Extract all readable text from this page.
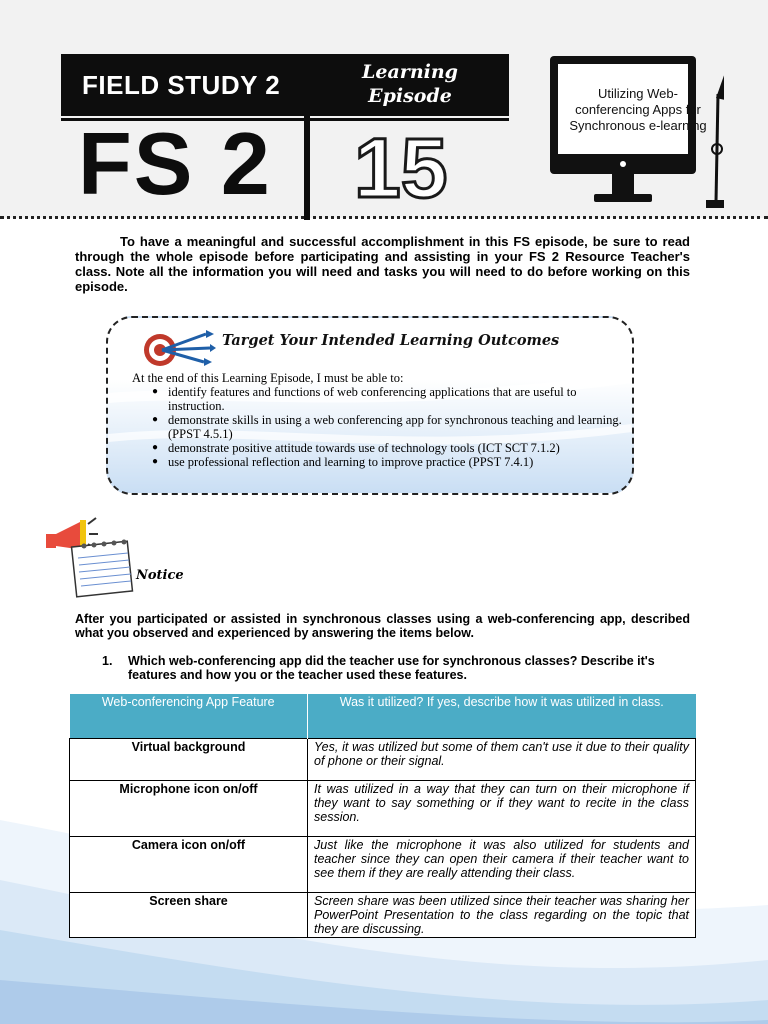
FIELD STUDY 2	Learning
Episode
FS 2 15
Utilizing Web-conferencing Apps for Synchronous e-learning

To have a meaningful and successful accomplishment in this FS episode, be sure to read through the whole episode before participating and assisting in your FS 2 Resource Teacher's class. Note all the information you will need and tasks you will need to do before working on this episode.

Target Your Intended Learning Outcomes
At the end of this Learning Episode, I must be able to:
● identify features and functions of web conferencing applications that are useful to instruction.
● demonstrate skills in using a web conferencing app for synchronous teaching and learning. (PPST 4.5.1)
● demonstrate positive attitude towards use of technology tools (ICT SCT 7.1.2)
● use professional reflection and learning to improve practice (PPST 7.4.1)
Notice

After you participated or assisted in synchronous classes using a web-conferencing app, described what you observed and experienced by answering the items below.

1. Which web-conferencing app did the teacher use for synchronous classes? Describe it's features and how you or the teacher used these features.

Web-conferencing App Feature	Was it utilized? If yes, describe how it was utilized in class.
Virtual background	Yes, it was utilized but some of them can't use it due to their quality of phone or their signal.
Microphone icon on/off	It was utilized in a way that they can turn on their microphone if they want to say something or if they want to recite in the class session.
Camera icon on/off	Just like the microphone it was also utilized for students and teacher since they can open their camera if their teacher want to see them if they are really attending their class.
Screen share	Screen share was been utilized since their teacher was sharing her PowerPoint Presentation to the class regarding on the topic that they are discussing.
